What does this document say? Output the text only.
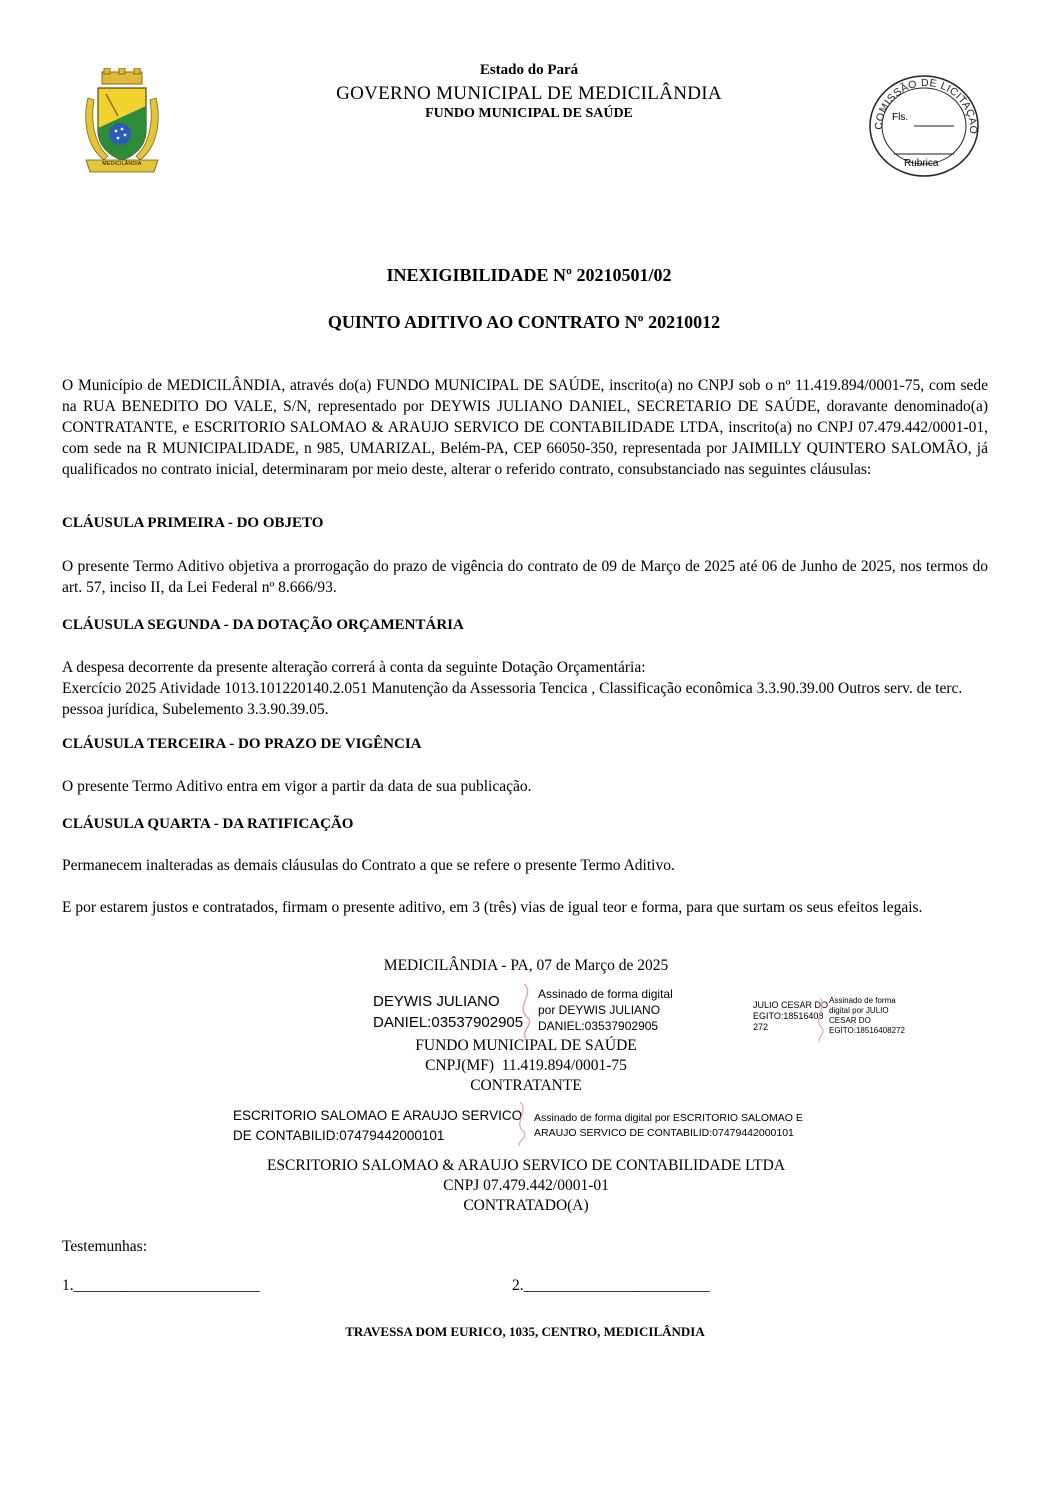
MEDICILÂNDIA
Estado do Pará
GOVERNO MUNICIPAL DE MEDICILÂNDIA
FUNDO MUNICIPAL DE SAÚDE
COMISSÃO DE LICITAÇÃO
Fls.
Rubrica
INEXIGIBILIDADE Nº 20210501/02
QUINTO ADITIVO AO CONTRATO Nº 20210012
O Município de MEDICILÂNDIA, através do(a) FUNDO MUNICIPAL DE SAÚDE, inscrito(a) no CNPJ sob o nº 11.419.894/0001-75, com sede na RUA BENEDITO DO VALE, S/N, representado por DEYWIS JULIANO DANIEL, SECRETARIO DE SAÚDE, doravante denominado(a) CONTRATANTE, e ESCRITORIO SALOMAO & ARAUJO SERVICO DE CONTABILIDADE LTDA, inscrito(a) no CNPJ 07.479.442/0001-01, com sede na R MUNICIPALIDADE, n 985, UMARIZAL, Belém-PA, CEP 66050-350, representada por JAIMILLY QUINTERO SALOMÃO, já qualificados no contrato inicial, determinaram por meio deste, alterar o referido contrato, consubstanciado nas seguintes cláusulas:
CLÁUSULA PRIMEIRA - DO OBJETO
O presente Termo Aditivo objetiva a prorrogação do prazo de vigência do contrato de 09 de Março de 2025 até 06 de Junho de 2025, nos termos do art. 57, inciso II, da Lei Federal nº 8.666/93.
CLÁUSULA SEGUNDA - DA DOTAÇÃO ORÇAMENTÁRIA
A despesa decorrente da presente alteração correrá à conta da seguinte Dotação Orçamentária:
Exercício 2025 Atividade 1013.101220140.2.051 Manutenção da Assessoria Tencica , Classificação econômica 3.3.90.39.00 Outros serv. de terc. pessoa jurídica, Subelemento 3.3.90.39.05.
CLÁUSULA TERCEIRA - DO PRAZO DE VIGÊNCIA
O presente Termo Aditivo entra em vigor a partir da data de sua publicação.
CLÁUSULA QUARTA - DA RATIFICAÇÃO
Permanecem inalteradas as demais cláusulas do Contrato a que se refere o presente Termo Aditivo.
E por estarem justos e contratados, firmam o presente aditivo, em 3 (três) vias de igual teor e forma, para que surtam os seus efeitos legais.
MEDICILÂNDIA - PA, 07 de Março de 2025
DEYWIS JULIANO
DANIEL:03537902905
Assinado de forma digital
por DEYWIS JULIANO
DANIEL:03537902905
JULIO CESAR DO
EGITO:18516408
272
Assinado de forma
digital por JULIO
CESAR DO
EGITO:18516408272
FUNDO MUNICIPAL DE SAÚDE
CNPJ(MF)  11.419.894/0001-75
CONTRATANTE
ESCRITORIO SALOMAO E ARAUJO SERVICO
DE CONTABILID:07479442000101
Assinado de forma digital por ESCRITORIO SALOMAO E
ARAUJO SERVICO DE CONTABILID:07479442000101
ESCRITORIO SALOMAO & ARAUJO SERVICO DE CONTABILIDADE LTDA
CNPJ 07.479.442/0001-01
CONTRATADO(A)
Testemunhas:
1.________________________	2.________________________
TRAVESSA DOM EURICO, 1035, CENTRO, MEDICILÂNDIA
